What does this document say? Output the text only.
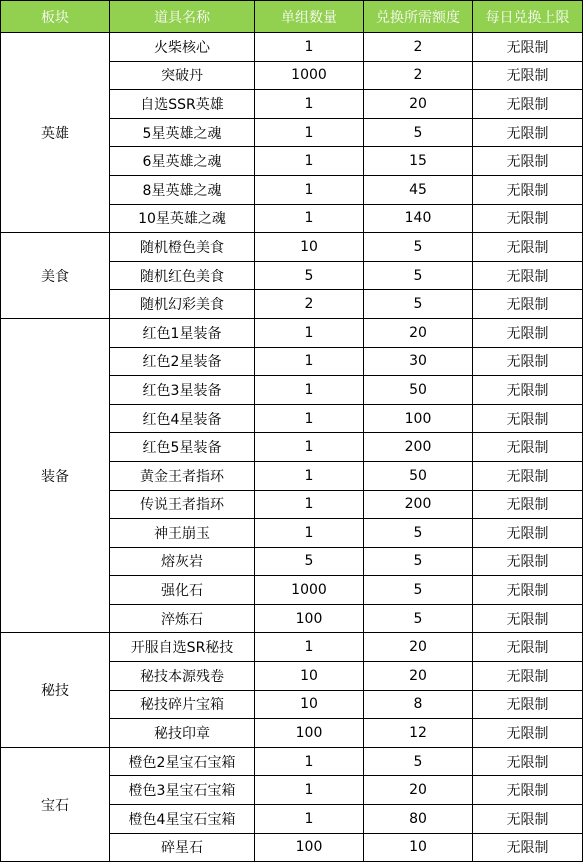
板块	道具名称	单组数量	兑换所需额度	每日兑换上限
英雄	火柴核心	1	2	无限制
	突破丹	1000	2	无限制
	自选SSR英雄	1	20	无限制
	5星英雄之魂	1	5	无限制
	6星英雄之魂	1	15	无限制
	8星英雄之魂	1	45	无限制
	10星英雄之魂	1	140	无限制
美食	随机橙色美食	10	5	无限制
	随机红色美食	5	5	无限制
	随机幻彩美食	2	5	无限制
装备	红色1星装备	1	20	无限制
	红色2星装备	1	30	无限制
	红色3星装备	1	50	无限制
	红色4星装备	1	100	无限制
	红色5星装备	1	200	无限制
	黄金王者指环	1	50	无限制
	传说王者指环	1	200	无限制
	神王崩玉	1	5	无限制
	熔灰岩	5	5	无限制
	强化石	1000	5	无限制
	淬炼石	100	5	无限制
秘技	开服自选SR秘技	1	20	无限制
	秘技本源残卷	10	20	无限制
	秘技碎片宝箱	10	8	无限制
	秘技印章	100	12	无限制
宝石	橙色2星宝石宝箱	1	5	无限制
	橙色3星宝石宝箱	1	20	无限制
	橙色4星宝石宝箱	1	80	无限制
	碎星石	100	10	无限制
